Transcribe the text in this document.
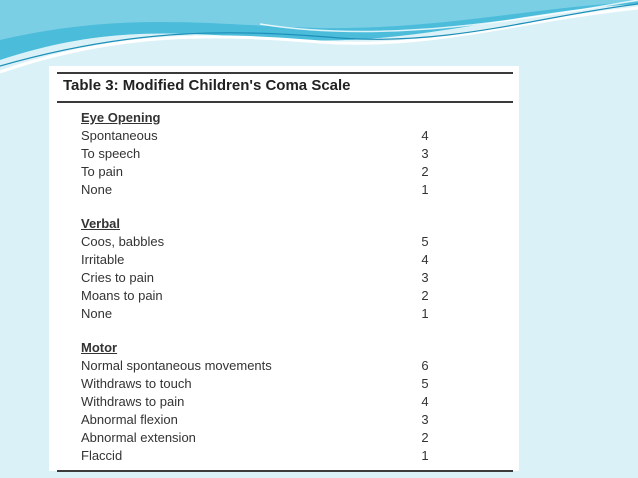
Table 3: Modified Children's Coma Scale
Eye Opening
Spontaneous	4
To speech	3
To pain	2
None	1
Verbal
Coos, babbles	5
Irritable	4
Cries to pain	3
Moans to pain	2
None	1
Motor
Normal spontaneous movements	6
Withdraws to touch	5
Withdraws to pain	4
Abnormal flexion	3
Abnormal extension	2
Flaccid	1
